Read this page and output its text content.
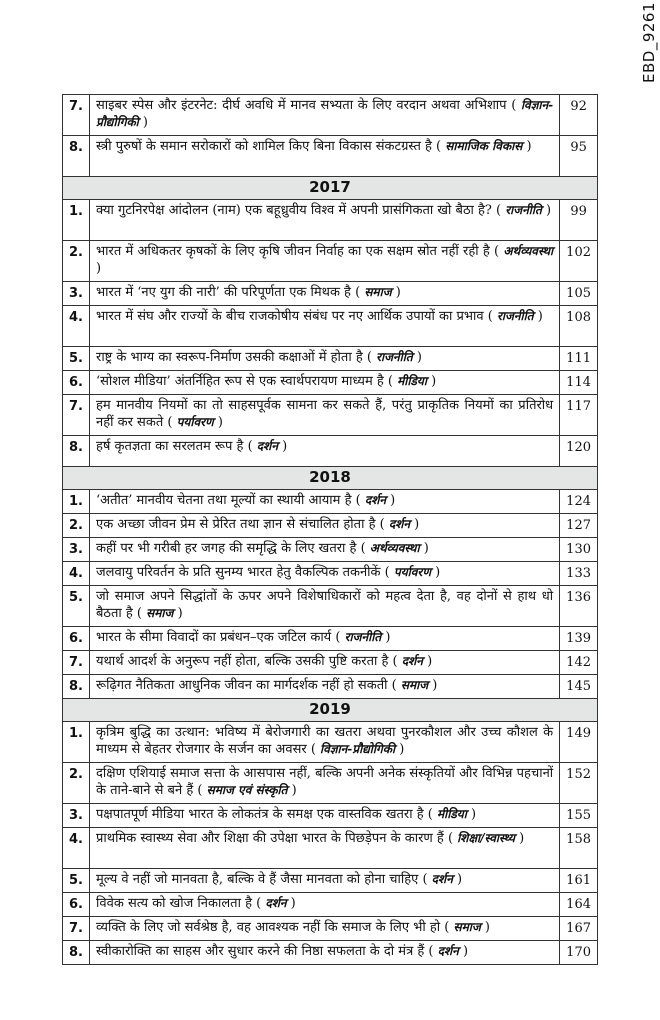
EBD_9261
7.	साइबर स्पेस और इंटरनेट: दीर्घ अवधि में मानव सभ्यता के लिए वरदान अथवा अभिशाप ( विज्ञान-प्रौद्योगिकी )	92
8.	स्त्री पुरुषों के समान सरोकारों को शामिल किए बिना विकास संकटग्रस्त है ( सामाजिक विकास )	95
2017		
1.	क्या गुटनिरपेक्ष आंदोलन (नाम) एक बहूध्रुवीय विश्व में अपनी प्रासंगिकता खो बैठा है? ( राजनीति )	99
2.	भारत में अधिकतर कृषकों के लिए कृषि जीवन निर्वाह का एक सक्षम स्रोत नहीं रही है ( अर्थव्यवस्था )	102
3.	भारत में ‘नए युग की नारी’ की परिपूर्णता एक मिथक है ( समाज )	105
4.	भारत में संघ और राज्यों के बीच राजकोषीय संबंध पर नए आर्थिक उपायों का प्रभाव ( राजनीति )	108
5.	राष्ट्र के भाग्य का स्वरूप-निर्माण उसकी कक्षाओं में होता है ( राजनीति )	111
6.	‘सोशल मीडिया’ अंतर्निहित रूप से एक स्वार्थपरायण माध्यम है ( मीडिया )	114
7.	हम मानवीय नियमों का तो साहसपूर्वक सामना कर सकते हैं, परंतु प्राकृतिक नियमों का प्रतिरोध नहीं कर सकते ( पर्यावरण )	117
8.	हर्ष कृतज्ञता का सरलतम रूप है ( दर्शन )	120
2018		
1.	‘अतीत’ मानवीय चेतना तथा मूल्यों का स्थायी आयाम है ( दर्शन )	124
2.	एक अच्छा जीवन प्रेम से प्रेरित तथा ज्ञान से संचालित होता है ( दर्शन )	127
3.	कहीं पर भी गरीबी हर जगह की समृद्धि के लिए खतरा है ( अर्थव्यवस्था )	130
4.	जलवायु परिवर्तन के प्रति सुनम्य भारत हेतु वैकल्पिक तकनीकें ( पर्यावरण )	133
5.	जो समाज अपने सिद्धांतों के ऊपर अपने विशेषाधिकारों को महत्व देता है, वह दोनों से हाथ धो बैठता है ( समाज )	136
6.	भारत के सीमा विवादों का प्रबंधन–एक जटिल कार्य ( राजनीति )	139
7.	यथार्थ आदर्श के अनुरूप नहीं होता, बल्कि उसकी पुष्टि करता है ( दर्शन )	142
8.	रूढ़िगत नैतिकता आधुनिक जीवन का मार्गदर्शक नहीं हो सकती ( समाज )	145
2019		
1.	कृत्रिम बुद्धि का उत्थान: भविष्य में बेरोजगारी का खतरा अथवा पुनरकौशल और उच्च कौशल के माध्यम से बेहतर रोजगार के सर्जन का अवसर ( विज्ञान-प्रौद्योगिकी )	149
2.	दक्षिण एशियाई समाज सत्ता के आसपास नहीं, बल्कि अपनी अनेक संस्कृतियों और विभिन्न पहचानों के ताने-बाने से बने हैं ( समाज एवं संस्कृति )	152
3.	पक्षपातपूर्ण मीडिया भारत के लोकतंत्र के समक्ष एक वास्तविक खतरा है ( मीडिया )	155
4.	प्राथमिक स्वास्थ्य सेवा और शिक्षा की उपेक्षा भारत के पिछड़ेपन के कारण हैं ( शिक्षा/स्वास्थ्य )	158
5.	मूल्य वे नहीं जो मानवता है, बल्कि वे हैं जैसा मानवता को होना चाहिए ( दर्शन )	161
6.	विवेक सत्य को खोज निकालता है ( दर्शन )	164
7.	व्यक्ति के लिए जो सर्वश्रेष्ठ है, वह आवश्यक नहीं कि समाज के लिए भी हो ( समाज )	167
8.	स्वीकारोक्ति का साहस और सुधार करने की निष्ठा सफलता के दो मंत्र हैं ( दर्शन )	170
